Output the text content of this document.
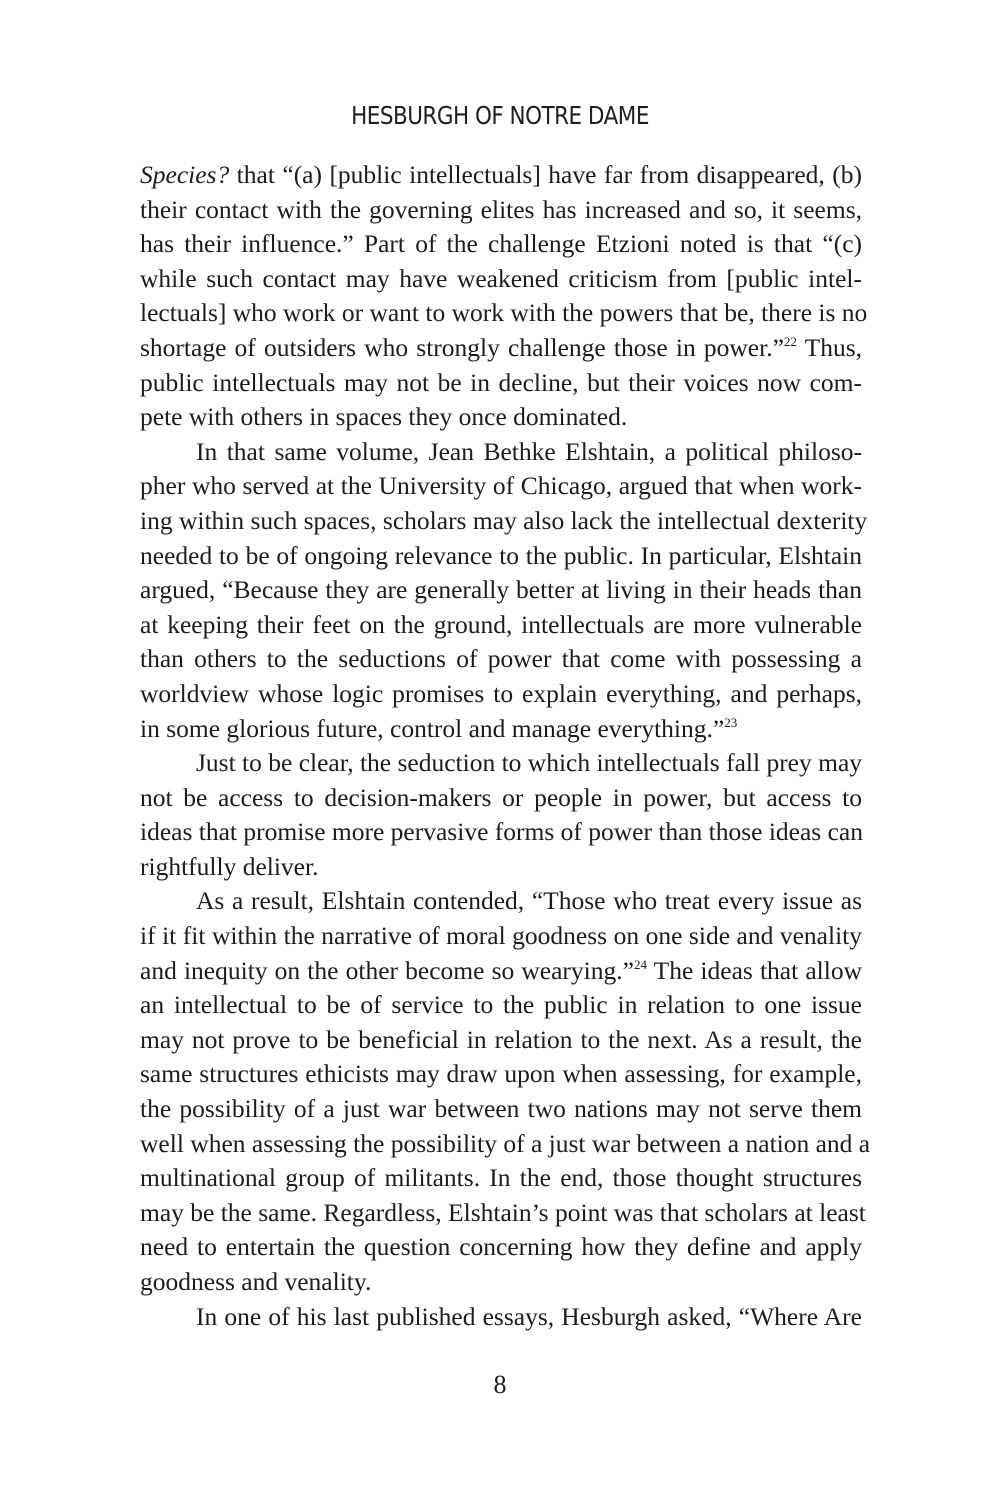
HESBURGH OF NOTRE DAME
Species? that “(a) [public intellectuals] have far from disappeared, (b)
their contact with the governing elites has increased and so, it seems,
has their influence.” Part of the challenge Etzioni noted is that “(c)
while such contact may have weakened criticism from [public intel-
lectuals] who work or want to work with the powers that be, there is no
shortage of outsiders who strongly challenge those in power.”$^{22}$ Thus,
public intellectuals may not be in decline, but their voices now com-
pete with others in spaces they once dominated.
In that same volume, Jean Bethke Elshtain, a political philoso-
pher who served at the University of Chicago, argued that when work-
ing within such spaces, scholars may also lack the intellectual dexterity
needed to be of ongoing relevance to the public. In particular, Elshtain
argued, “Because they are generally better at living in their heads than
at keeping their feet on the ground, intellectuals are more vulnerable
than others to the seductions of power that come with possessing a
worldview whose logic promises to explain everything, and perhaps,
in some glorious future, control and manage everything.”$^{23}$
Just to be clear, the seduction to which intellectuals fall prey may
not be access to decision-makers or people in power, but access to
ideas that promise more pervasive forms of power than those ideas can
rightfully deliver.
As a result, Elshtain contended, “Those who treat every issue as
if it fit within the narrative of moral goodness on one side and venality
and inequity on the other become so wearying.”$^{24}$ The ideas that allow
an intellectual to be of service to the public in relation to one issue
may not prove to be beneficial in relation to the next. As a result, the
same structures ethicists may draw upon when assessing, for example,
the possibility of a just war between two nations may not serve them
well when assessing the possibility of a just war between a nation and a
multinational group of militants. In the end, those thought structures
may be the same. Regardless, Elshtain’s point was that scholars at least
need to entertain the question concerning how they define and apply
goodness and venality.
In one of his last published essays, Hesburgh asked, “Where Are
8
